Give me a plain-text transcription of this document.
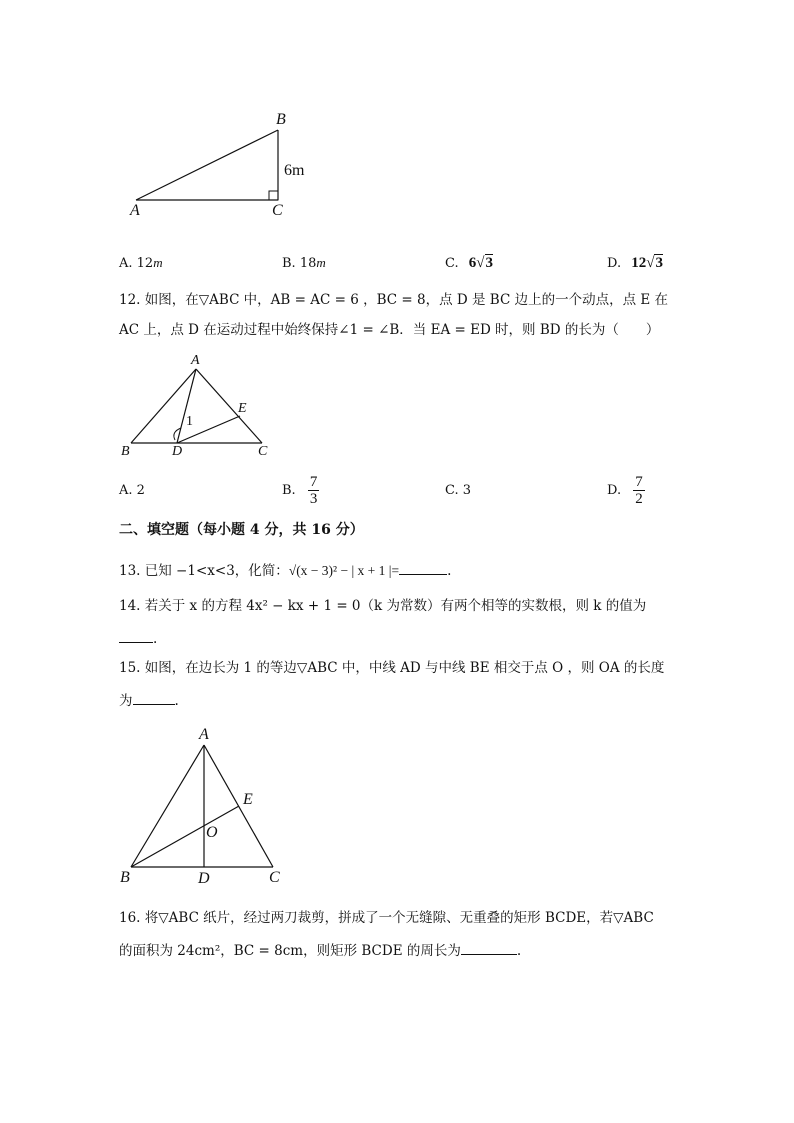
B
A	C
6m
A. 12m	B. 18m	C. 6√3	D. 12√3
12. 如图，在▽ABC 中，AB = AC = 6 ，BC = 8，点 D 是 BC 边上的一个动点，点 E 在
AC 上，点 D 在运动过程中始终保持∠1 = ∠B．当 EA = ED 时，则 BD 的长为（　　）
A
E
1
B	D	C
A. 2	B. $\frac{7}{3}$	C. 3	D. $\frac{7}{2}$
二、填空题（每小题 4 分，共 16 分）
13. 已知 −1<x<3，化简：√(x − 3)² − | x + 1 |=	.
14. 若关于 x 的方程 4x² − kx + 1 = 0（k 为常数）有两个相等的实数根，则 k 的值为
.
15. 如图，在边长为 1 的等边▽ABC 中，中线 AD 与中线 BE 相交于点 O ，则 OA 的长度
为	.
A
E
O
B	D	C
16. 将▽ABC 纸片，经过两刀裁剪，拼成了一个无缝隙、无重叠的矩形 BCDE，若▽ABC
的面积为 24cm²，BC = 8cm，则矩形 BCDE 的周长为	.
